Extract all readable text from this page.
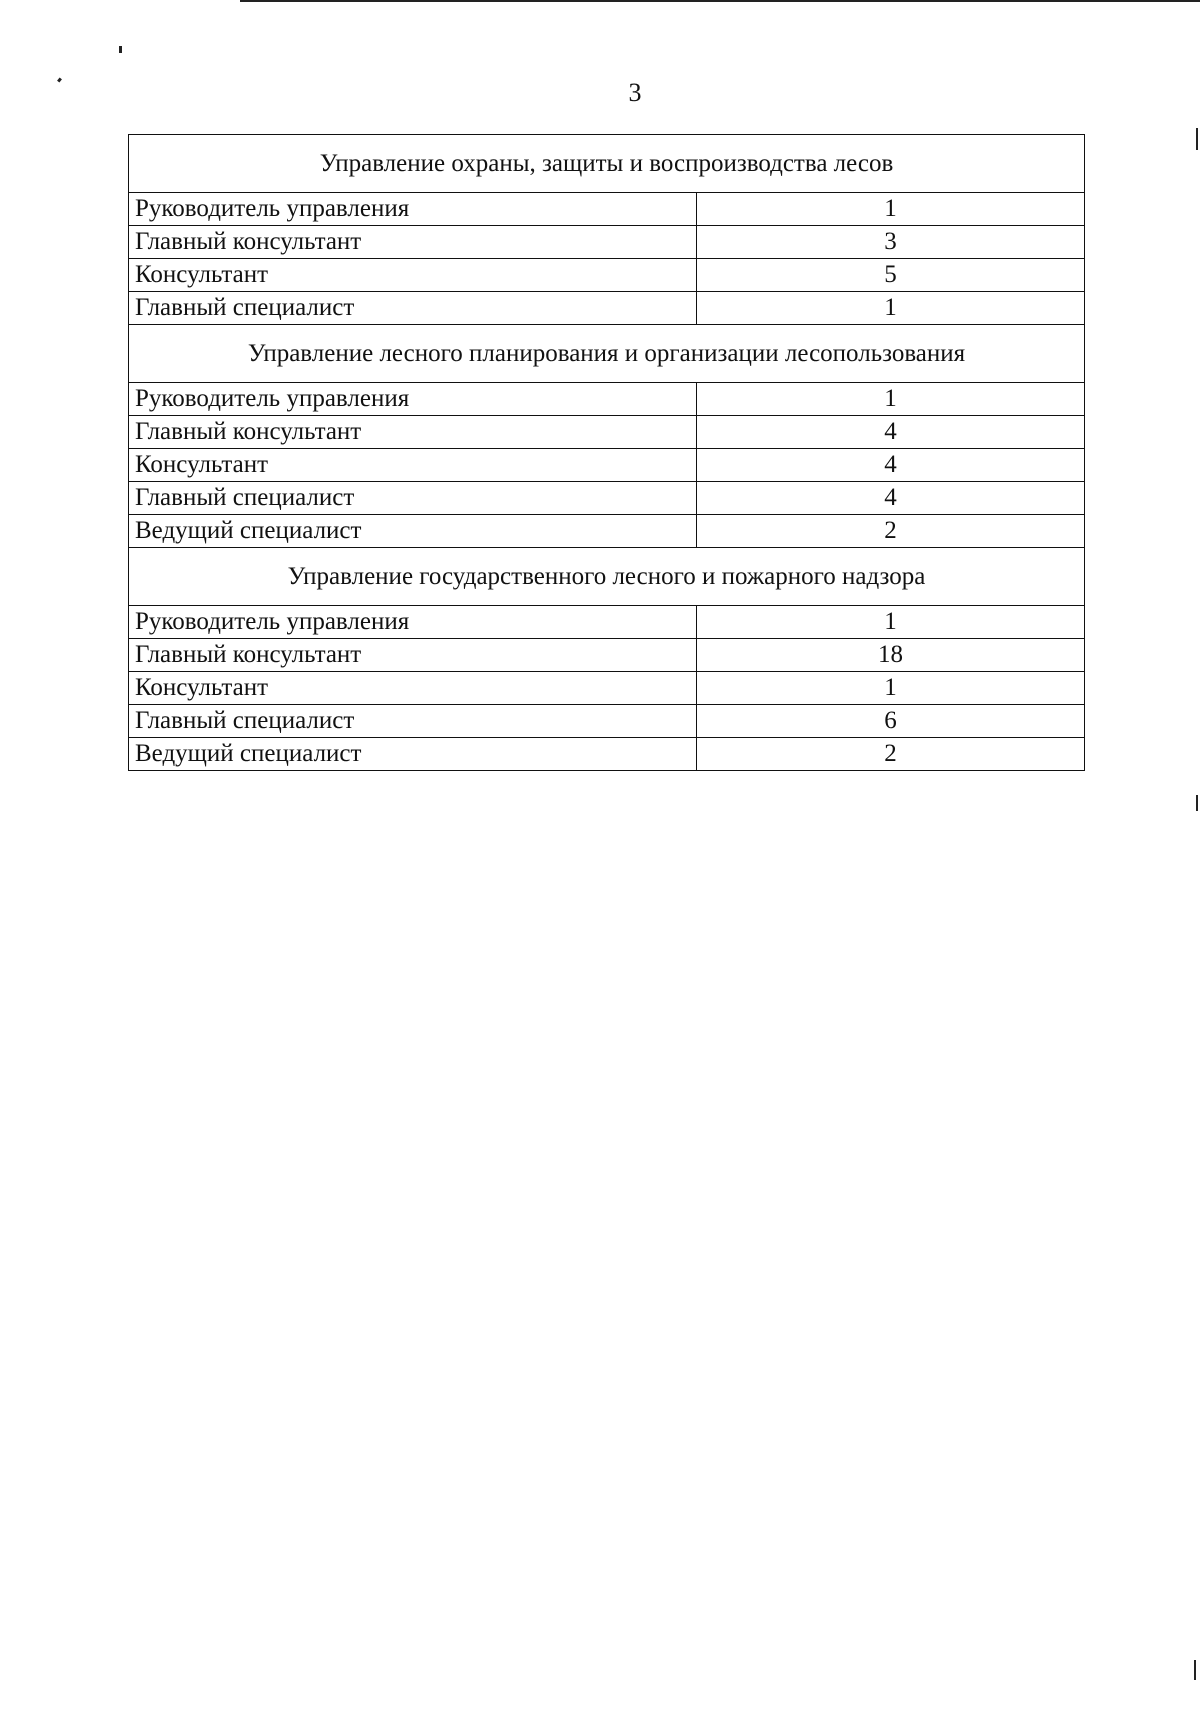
3
Управление охраны, защиты и воспроизводства лесов	
Руководитель управления	1
Главный консультант	3
Консультант	5
Главный специалист	1
Управление лесного планирования и организации лесопользования	
Руководитель управления	1
Главный консультант	4
Консультант	4
Главный специалист	4
Ведущий специалист	2
Управление государственного лесного и пожарного надзора	
Руководитель управления	1
Главный консультант	18
Консультант	1
Главный специалист	6
Ведущий специалист	2
